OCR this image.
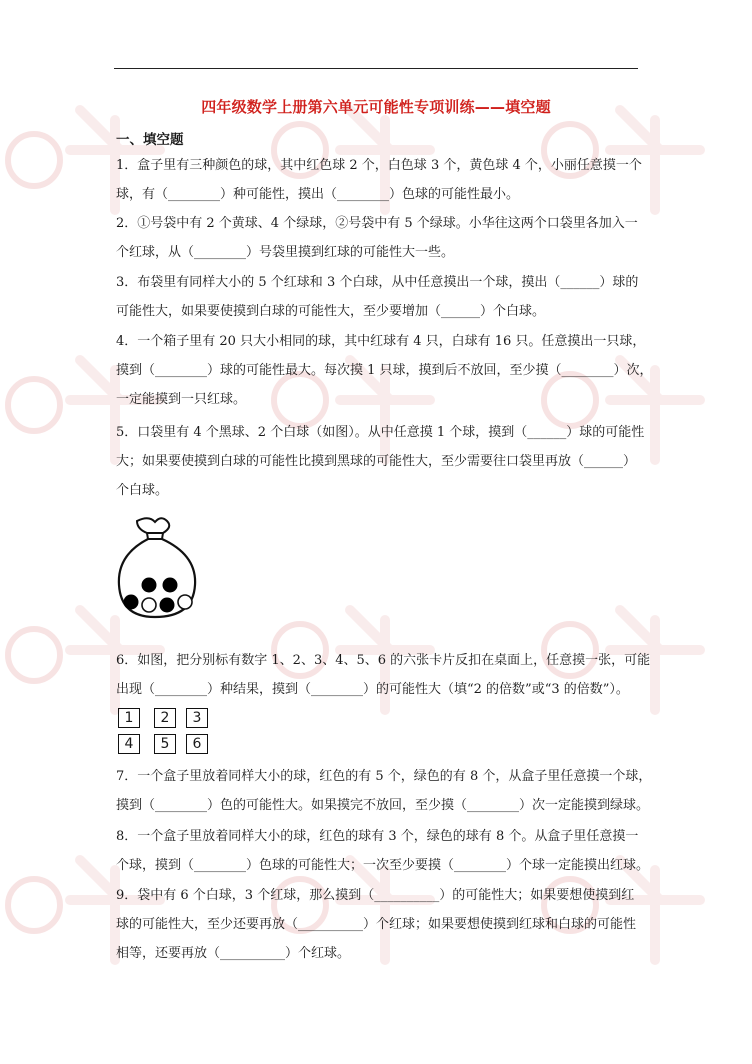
四年级数学上册第六单元可能性专项训练——填空题
一、填空题
1．盒子里有三种颜色的球，其中红色球 2 个，白色球 3 个，黄色球 4 个，小丽任意摸一个
球，有（________）种可能性，摸出（________）色球的可能性最小。
2．①号袋中有 2 个黄球、4 个绿球，②号袋中有 5 个绿球。小华往这两个口袋里各加入一
个红球，从（________）号袋里摸到红球的可能性大一些。
3．布袋里有同样大小的 5 个红球和 3 个白球，从中任意摸出一个球，摸出（______）球的
可能性大，如果要使摸到白球的可能性大，至少要增加（______）个白球。
4．一个箱子里有 20 只大小相同的球，其中红球有 4 只，白球有 16 只。任意摸出一只球，
摸到（________）球的可能性最大。每次摸 1 只球，摸到后不放回，至少摸（________）次，
一定能摸到一只红球。
5．口袋里有 4 个黑球、2 个白球（如图）。从中任意摸 1 个球，摸到（______）球的可能性
大；如果要使摸到白球的可能性比摸到黑球的可能性大，至少需要往口袋里再放（______）
个白球。
6．如图，把分别标有数字 1、2、3、4、5、6 的六张卡片反扣在桌面上，任意摸一张，可能
出现（________）种结果，摸到（________）的可能性大（填“2 的倍数”或“3 的倍数”）。
1	2	3
4	5	6
7．一个盒子里放着同样大小的球，红色的有 5 个，绿色的有 8 个，从盒子里任意摸一个球，
摸到（________）色的可能性大。如果摸完不放回，至少摸（________）次一定能摸到绿球。
8．一个盒子里放着同样大小的球，红色的球有 3 个，绿色的球有 8 个。从盒子里任意摸一
个球，摸到（________）色球的可能性大；一次至少要摸（________）个球一定能摸出红球。
9．袋中有 6 个白球，3 个红球，那么摸到（__________）的可能性大；如果要想使摸到红
球的可能性大，至少还要再放（__________）个红球；如果要想使摸到红球和白球的可能性
相等，还要再放（__________）个红球。
